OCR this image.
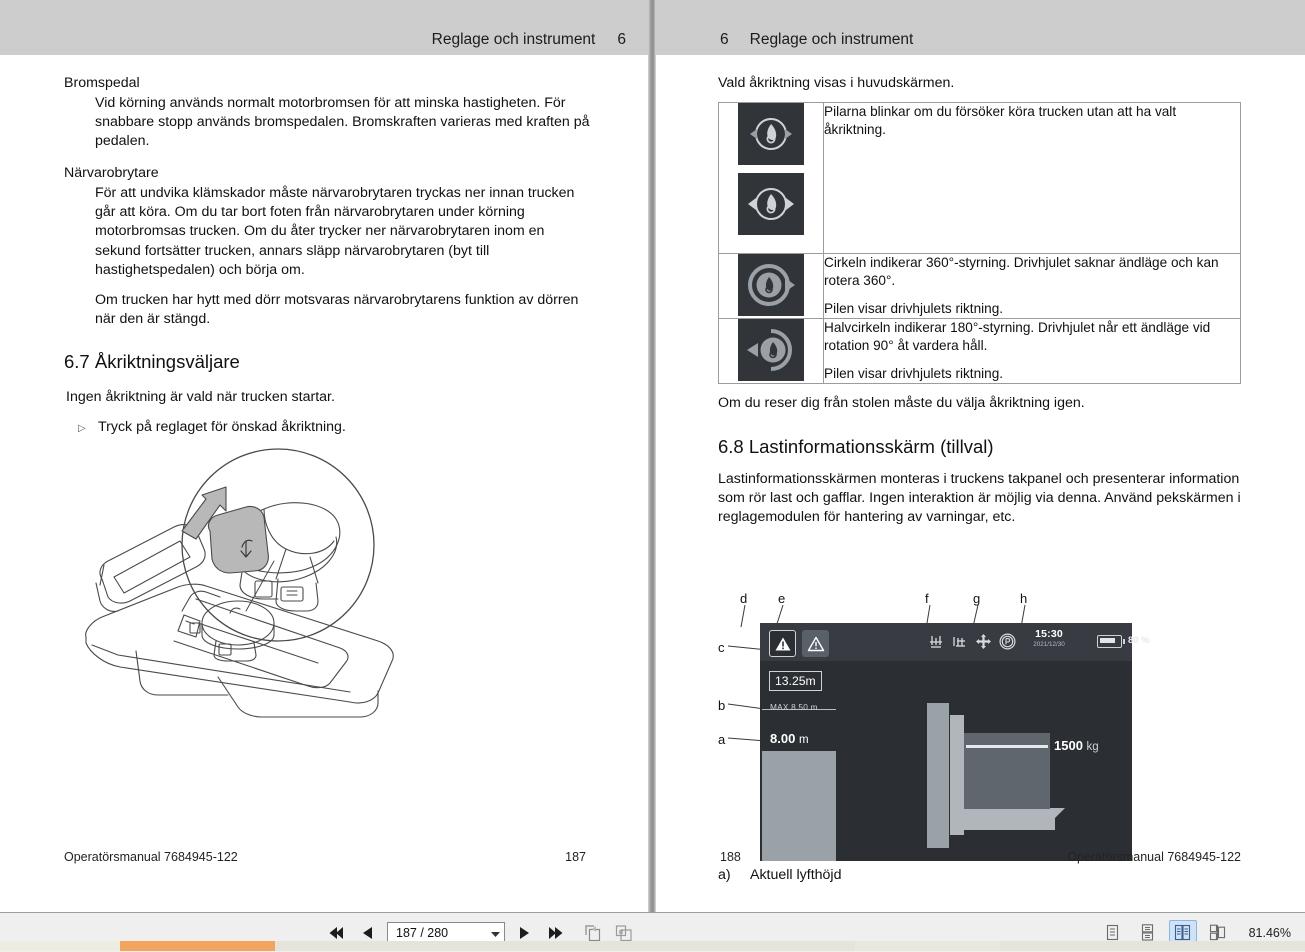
Reglage och instrument 6
Bromspedal

Vid körning används normalt motorbromsen för att minska hastigheten. För snabbare stopp används bromspedalen. Bromskraften varieras med kraften på pedalen.

Närvarobrytare

För att undvika klämskador måste närvarobrytaren tryckas ner innan trucken går att köra. Om du tar bort foten från närvarobrytaren under körning motorbromsas trucken. Om du åter trycker ner närvarobrytaren inom en sekund fortsätter trucken, annars släpp närvarobrytaren (byt till hastighetspedalen) och börja om.

Om trucken har hytt med dörr motsvaras närvarobrytarens funktion av dörren när den är stängd.

6.7 Åkriktningsväljare
Ingen åkriktning är vald när trucken startar.
▷ Tryck på reglaget för önskad åkriktning.
Operatörsmanual 7684945-122	187
6 Reglage och instrument
Vald åkriktning visas i huvudskärmen.

Pilarna blinkar om du försöker köra trucken utan att ha valt åkriktning.

Cirkeln indikerar 360°-styrning. Drivhjulet saknar ändläge och kan rotera 360°.

Pilen visar drivhjulets riktning.

Halvcirkeln indikerar 180°-styrning. Drivhjulet når ett ändläge vid rotation 90° åt vardera håll.

Pilen visar drivhjulets riktning.

Om du reser dig från stolen måste du välja åkriktning igen.
6.8 Lastinformationsskärm (tillval)
Lastinformationsskärmen monteras i truckens takpanel och presenterar information som rör last och gafflar. Ingen interaktion är möjlig via denna. Använd pekskärmen i reglagemodulen för hantering av varningar, etc.
d e	f	g	h
c
b
a
15:30
2021/12/30	80 %
13.25m
MAX 8.50 m
8.00 m	1500 kg
a) Aktuell lyfthöjd
188	Operatörsmanual 7684945-122
187 / 280	81.46%
